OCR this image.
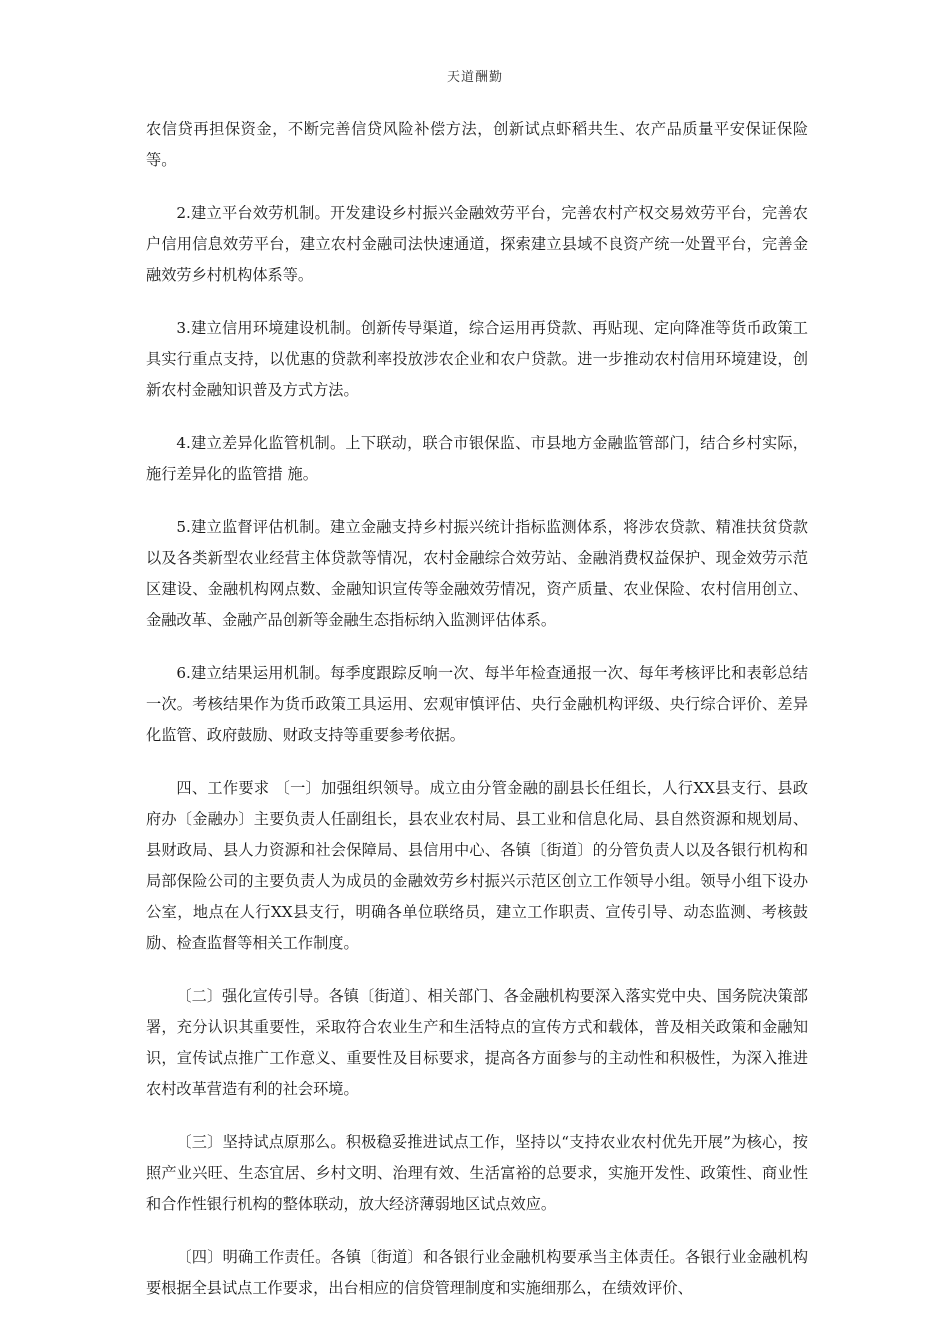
天道酬勤

农信贷再担保资金，不断完善信贷风险补偿方法，创新试点虾稻共生、农产品质量平安保证保险等。

2.建立平台效劳机制。开发建设乡村振兴金融效劳平台，完善农村产权交易效劳平台，完善农户信用信息效劳平台，建立农村金融司法快速通道，探索建立县域不良资产统一处置平台，完善金融效劳乡村机构体系等。

3.建立信用环境建设机制。创新传导渠道，综合运用再贷款、再贴现、定向降准等货币政策工具实行重点支持，以优惠的贷款利率投放涉农企业和农户贷款。进一步推动农村信用环境建设，创新农村金融知识普及方式方法。

4.建立差异化监管机制。上下联动，联合市银保监、市县地方金融监管部门，结合乡村实际，施行差异化的监管措 施。

5.建立监督评估机制。建立金融支持乡村振兴统计指标监测体系，将涉农贷款、精准扶贫贷款以及各类新型农业经营主体贷款等情况，农村金融综合效劳站、金融消费权益保护、现金效劳示范区建设、金融机构网点数、金融知识宣传等金融效劳情况，资产质量、农业保险、农村信用创立、金融改革、金融产品创新等金融生态指标纳入监测评估体系。

6.建立结果运用机制。每季度跟踪反响一次、每半年检查通报一次、每年考核评比和表彰总结一次。考核结果作为货币政策工具运用、宏观审慎评估、央行金融机构评级、央行综合评价、差异化监管、政府鼓励、财政支持等重要参考依据。

四、工作要求 〔一〕加强组织领导。成立由分管金融的副县长任组长，人行XX县支行、县政府办〔金融办〕主要负责人任副组长，县农业农村局、县工业和信息化局、县自然资源和规划局、县财政局、县人力资源和社会保障局、县信用中心、各镇〔街道〕的分管负责人以及各银行机构和局部保险公司的主要负责人为成员的金融效劳乡村振兴示范区创立工作领导小组。领导小组下设办公室，地点在人行XX县支行，明确各单位联络员，建立工作职责、宣传引导、动态监测、考核鼓励、检查监督等相关工作制度。

〔二〕强化宣传引导。各镇〔街道〕、相关部门、各金融机构要深入落实党中央、国务院决策部署，充分认识其重要性，采取符合农业生产和生活特点的宣传方式和载体，普及相关政策和金融知识，宣传试点推广工作意义、重要性及目标要求，提高各方面参与的主动性和积极性，为深入推进农村改革营造有利的社会环境。

〔三〕坚持试点原那么。积极稳妥推进试点工作，坚持以“支持农业农村优先开展”为核心，按照产业兴旺、生态宜居、乡村文明、治理有效、生活富裕的总要求，实施开发性、政策性、商业性和合作性银行机构的整体联动，放大经济薄弱地区试点效应。

〔四〕明确工作责任。各镇〔街道〕和各银行业金融机构要承当主体责任。各银行业金融机构要根据全县试点工作要求，出台相应的信贷管理制度和实施细那么，在绩效评价、
